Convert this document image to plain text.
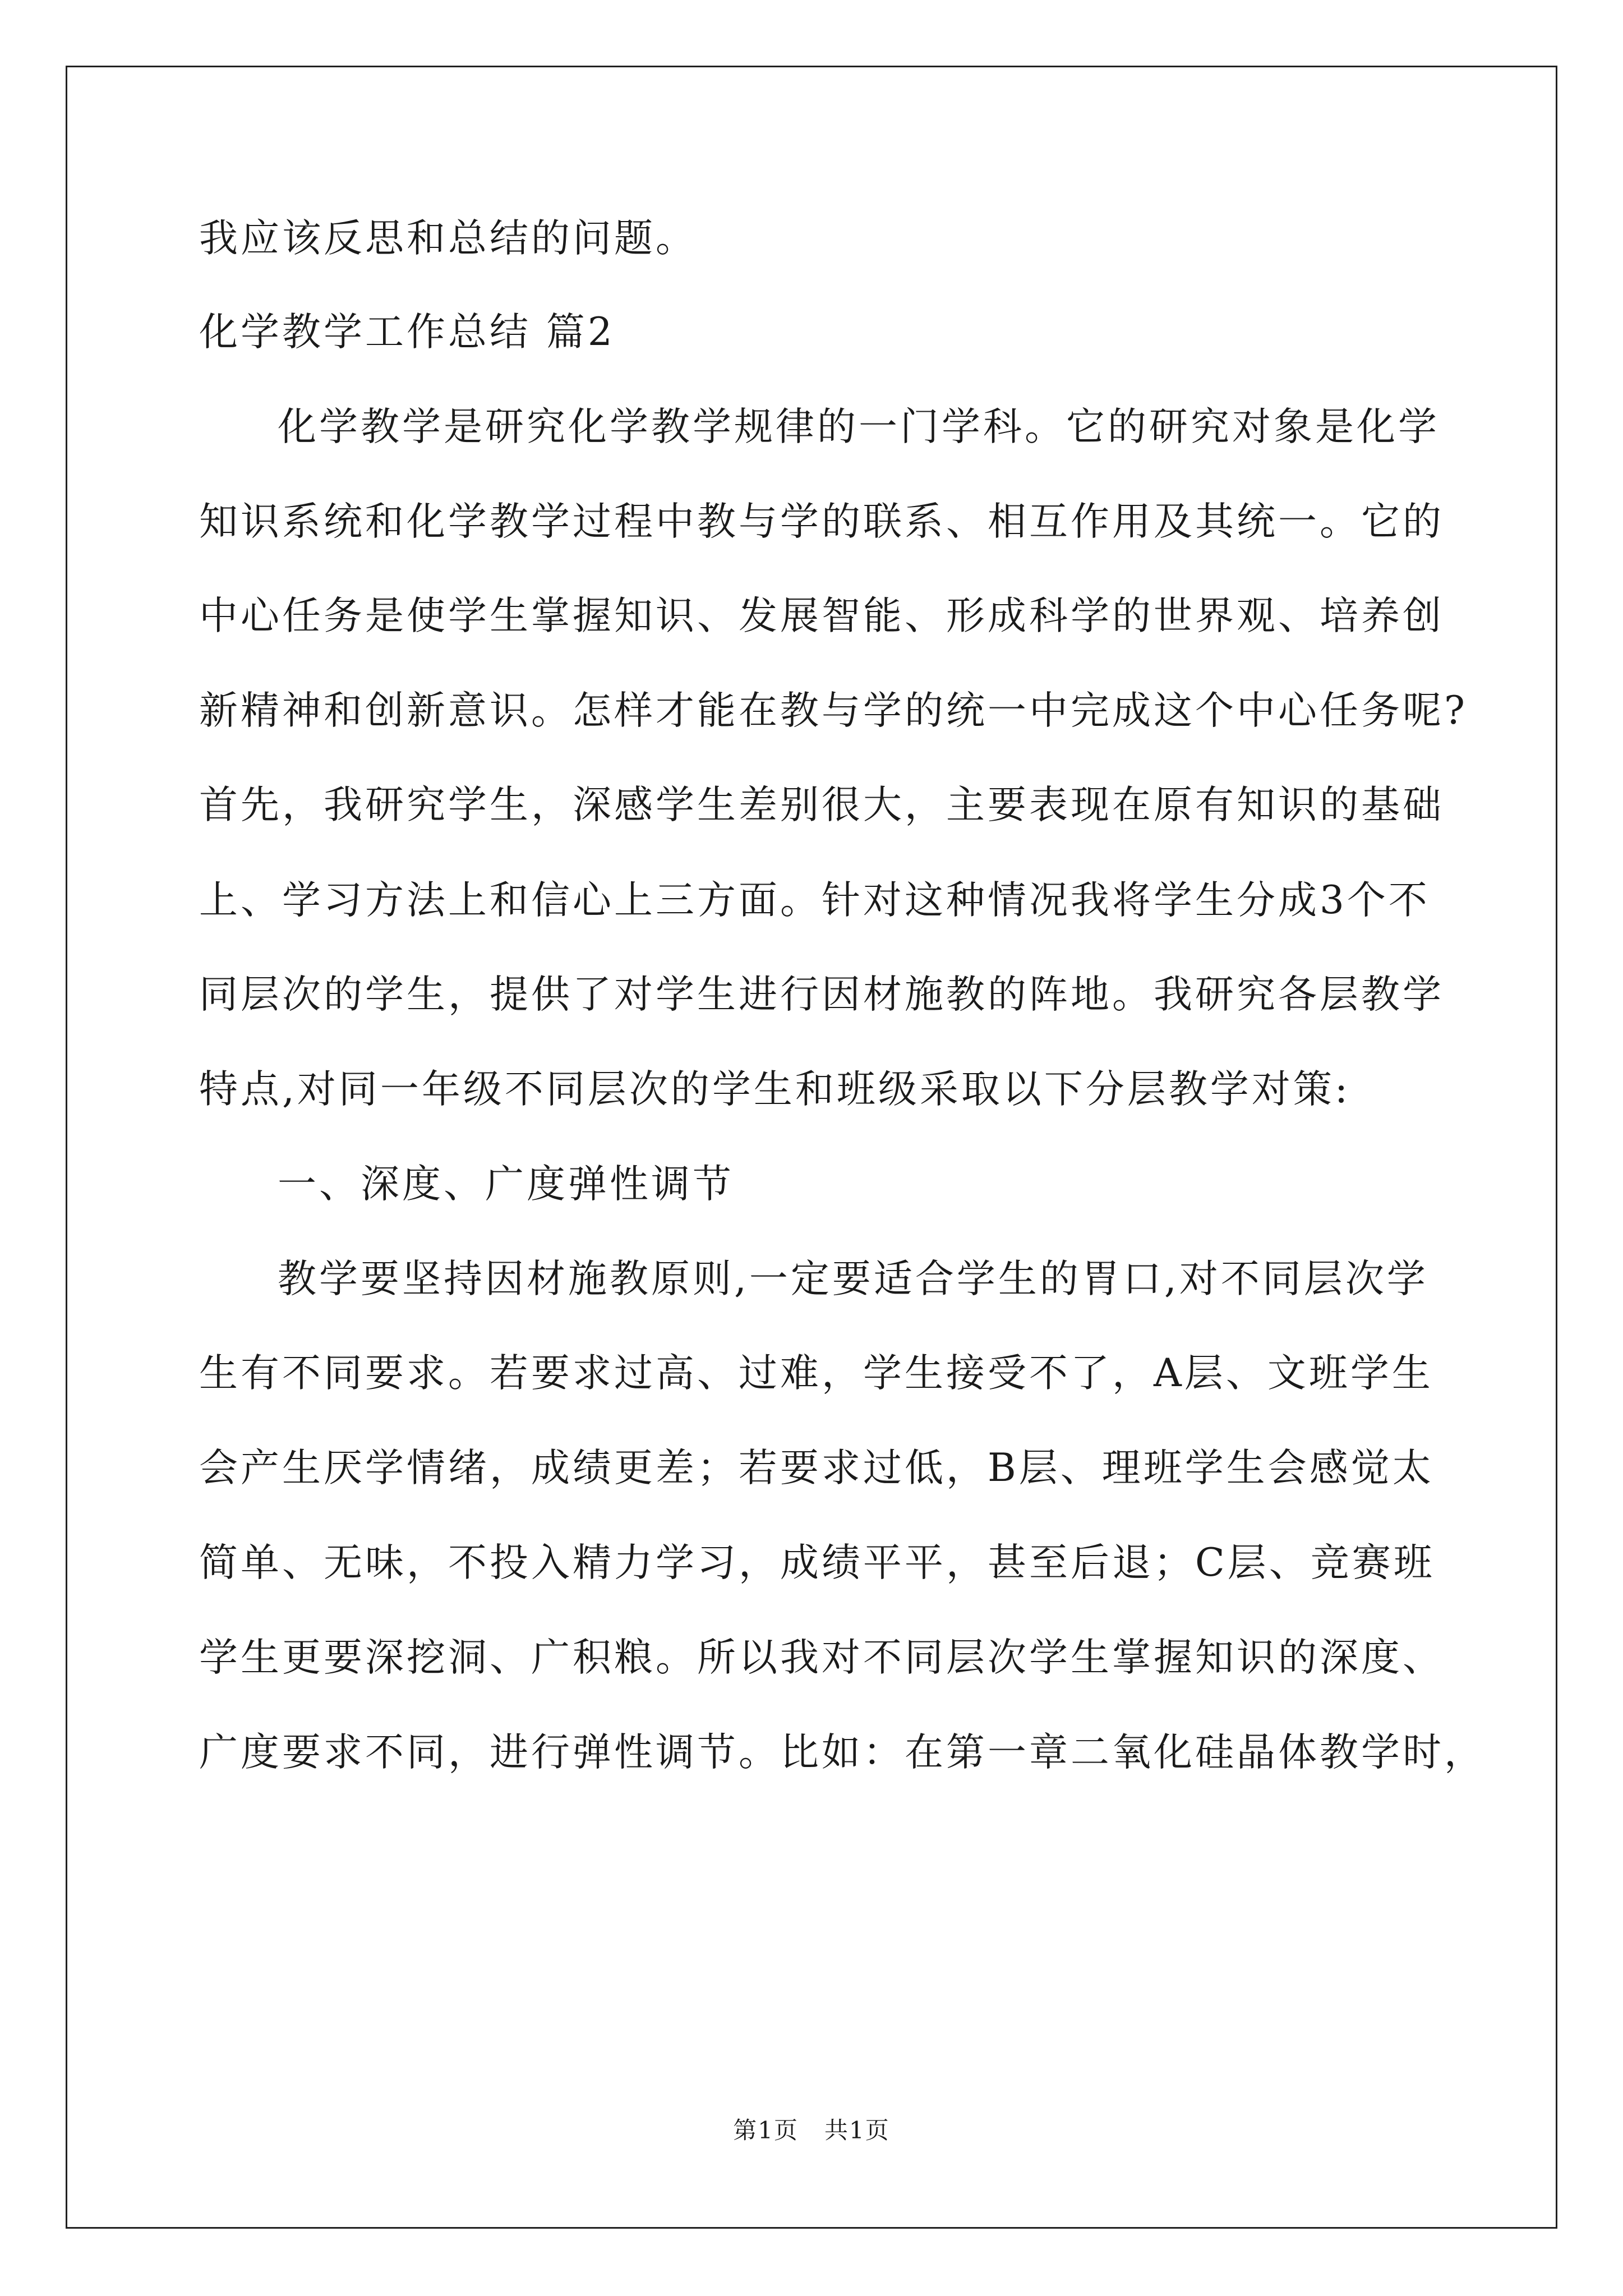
我应该反思和总结的问题。
化学教学工作总结 篇2
化学教学是研究化学教学规律的一门学科。它的研究对象是化学
知识系统和化学教学过程中教与学的联系、相互作用及其统一。它的
中心任务是使学生掌握知识、发展智能、形成科学的世界观、培养创
新精神和创新意识。怎样才能在教与学的统一中完成这个中心任务呢?
首先，我研究学生，深感学生差别很大，主要表现在原有知识的基础
上、学习方法上和信心上三方面。针对这种情况我将学生分成3个不
同层次的学生，提供了对学生进行因材施教的阵地。我研究各层教学
特点,对同一年级不同层次的学生和班级采取以下分层教学对策:
一、深度、广度弹性调节
教学要坚持因材施教原则,一定要适合学生的胃口,对不同层次学
生有不同要求。若要求过高、过难，学生接受不了，A层、文班学生
会产生厌学情绪，成绩更差；若要求过低，B层、理班学生会感觉太
简单、无味，不投入精力学习，成绩平平，甚至后退；C层、竞赛班
学生更要深挖洞、广积粮。所以我对不同层次学生掌握知识的深度、
广度要求不同，进行弹性调节。比如：在第一章二氧化硅晶体教学时，
第1页 共1页
